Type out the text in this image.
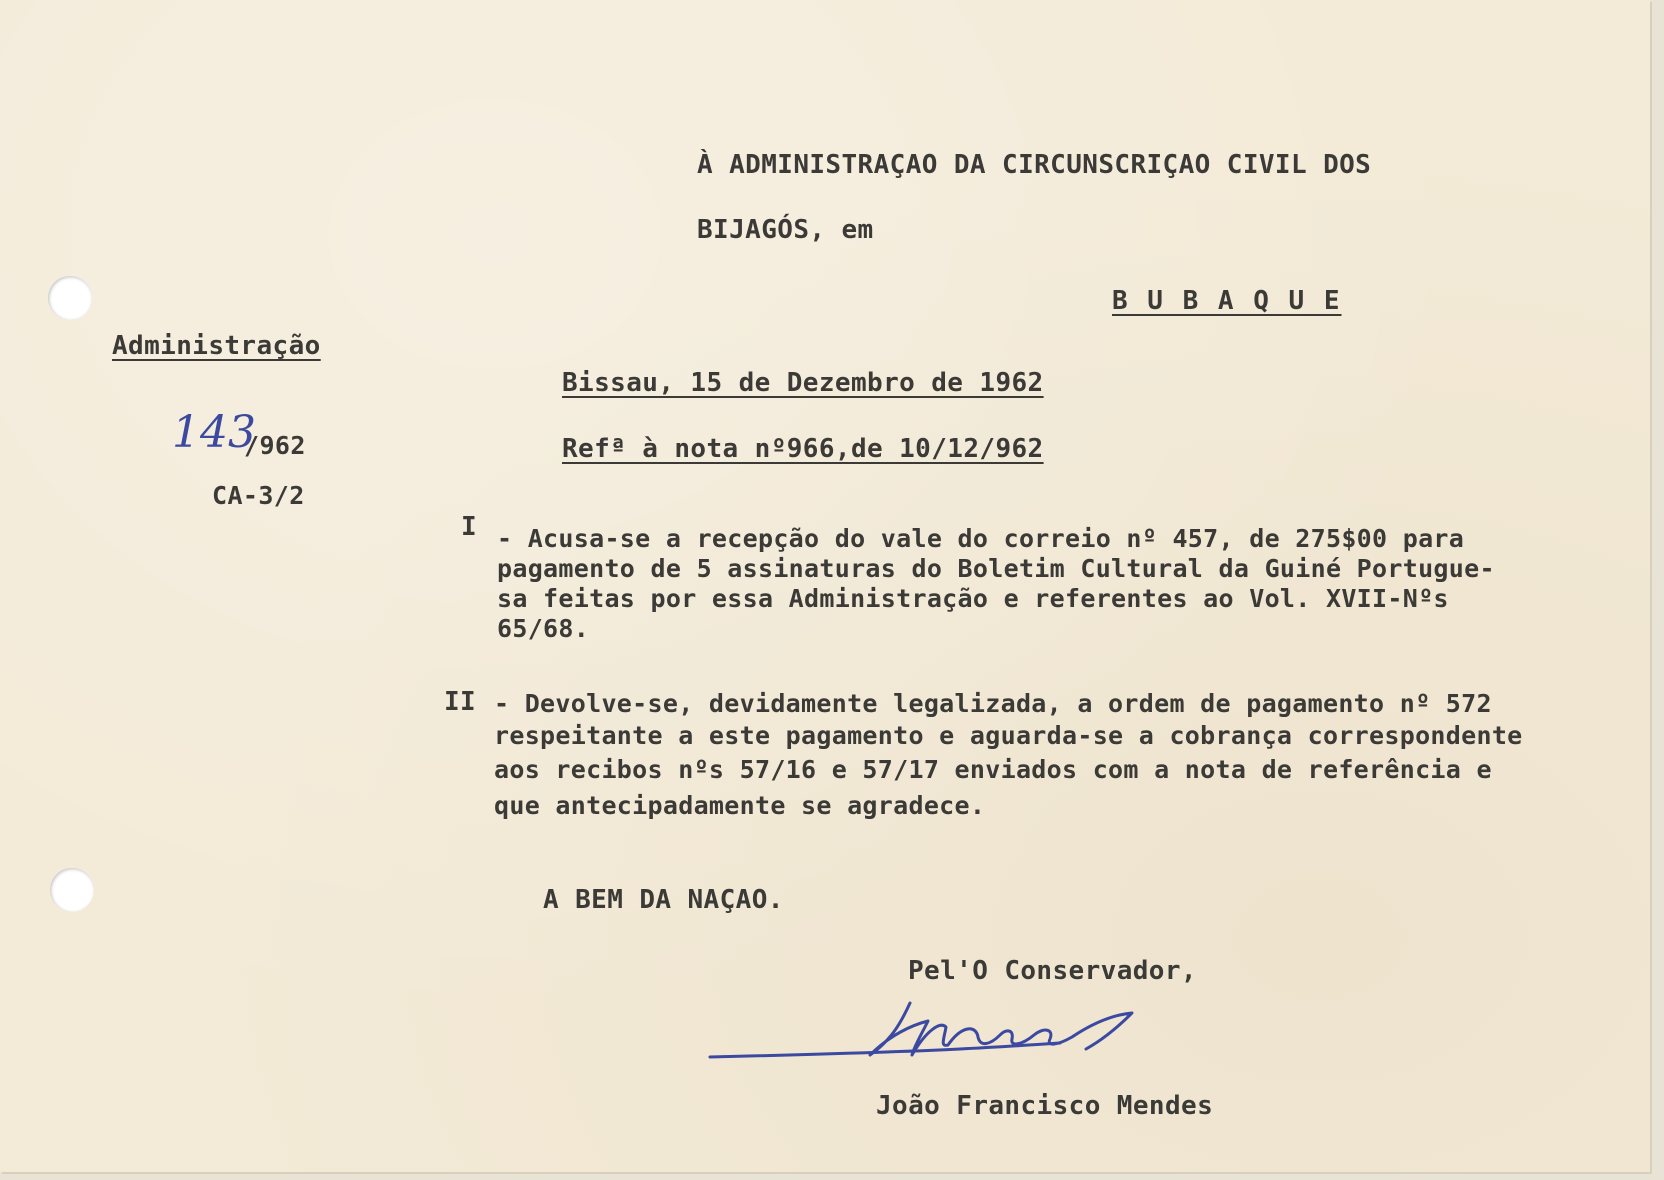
À ADMINISTRAÇAO DA CIRCUNSCRIÇAO CIVIL DOS
BIJAGÓS, em
B U B A Q U E
Administração
143
/962
CA-3/2
Bissau, 15 de Dezembro de 1962
Refª à nota nº966,de 10/12/962
I - Acusa-se a recepção do vale do correio nº 457, de 275$00 para
pagamento de 5 assinaturas do Boletim Cultural da Guiné Portugue-
sa feitas por essa Administração e referentes ao Vol. XVII-Nºs
65/68.
II - Devolve-se, devidamente legalizada, a ordem de pagamento nº 572
respeitante a este pagamento e aguarda-se a cobrança correspondente
aos recibos nºs 57/16 e 57/17 enviados com a nota de referência e
que antecipadamente se agradece.
A BEM DA NAÇAO.
Pel'O Conservador,
João Francisco Mendes
